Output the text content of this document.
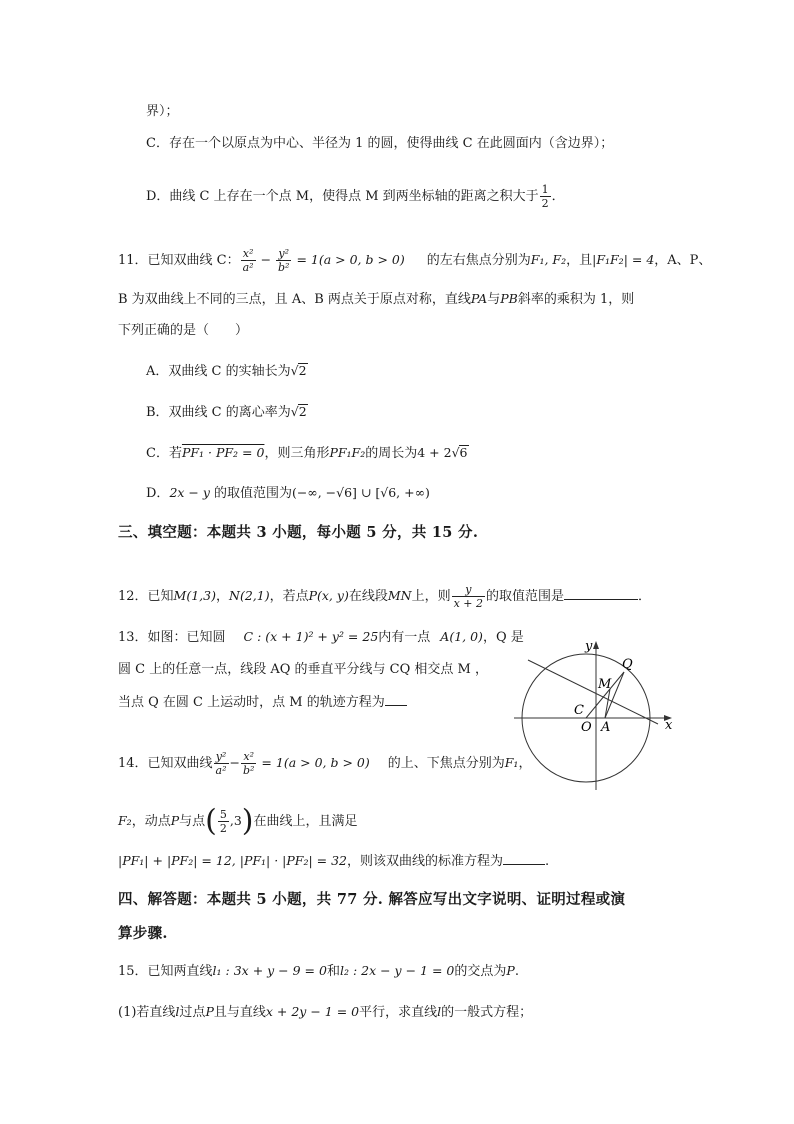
界）；
C．存在一个以原点为中心、半径为 1 的圆，使得曲线 C 在此圆面内（含边界）；
D．曲线 C 上存在一个点 M，使得点 M 到两坐标轴的距离之积大于 $\frac{1}{2}$ ．
11．已知双曲线 C： $\frac{\text{x²}}{\text{a²}} - \frac{\text{y²}}{\text{b²}} = 1(a > 0$, b > 0) 的左右焦点分别为F₁, F₂，且|F₁F₂| = 4，A、P、
B 为双曲线上不同的三点，且 A、B 两点关于原点对称，直线PA与PB斜率的乘积为 1，则
下列正确的是（　　）
A．双曲线 C 的实轴长为√2
B．双曲线 C 的离心率为√2
C．若PF₁ · PF₂ = 0，则三角形PF₁F₂的周长为4 + 2√6
D．2x − y 的取值范围为(−∞, −√6] ∪ [√6, +∞)
三、填空题：本题共 3 小题，每小题 5 分，共 15 分.
12．已知M(1,3)，N(2,1)，若点P(x, y)在线段MN上，则 $\frac{y}{x + 2}$ 的取值范围是	．
13．如图：已知圆 C : (x + 1)² + y² = 25内有一点 A(1, 0)，Q 是
圆 C 上的任意一点，线段 AQ 的垂直平分线与 CQ 相交点 M ，
当点 Q 在圆 C 上运动时，点 M 的轨迹方程为
14．已知双曲线 $\frac{\text{y²}}{\text{a²}} - \frac{\text{x²}}{\text{b²}} = 1(a > 0$, b > 0) 的上、下焦点分别为F₁，
F₂，动点P与点( $\frac{5}{2} ,3$)在曲线上，且满足
|PF₁| + |PF₂| = 12, |PF₁| · |PF₂| = 32，则该双曲线的标准方程为	.
四、解答题：本题共 5 小题，共 77 分. 解答应写出文字说明、证明过程或演
算步骤.
15．已知两直线l₁ : 3x + y − 9 = 0和l₂ : 2x − y − 1 = 0的交点为P.
(1)若直线l过点P且与直线x + 2y − 1 = 0平行，求直线l的一般式方程；
x
y
Q
M
C
O A
